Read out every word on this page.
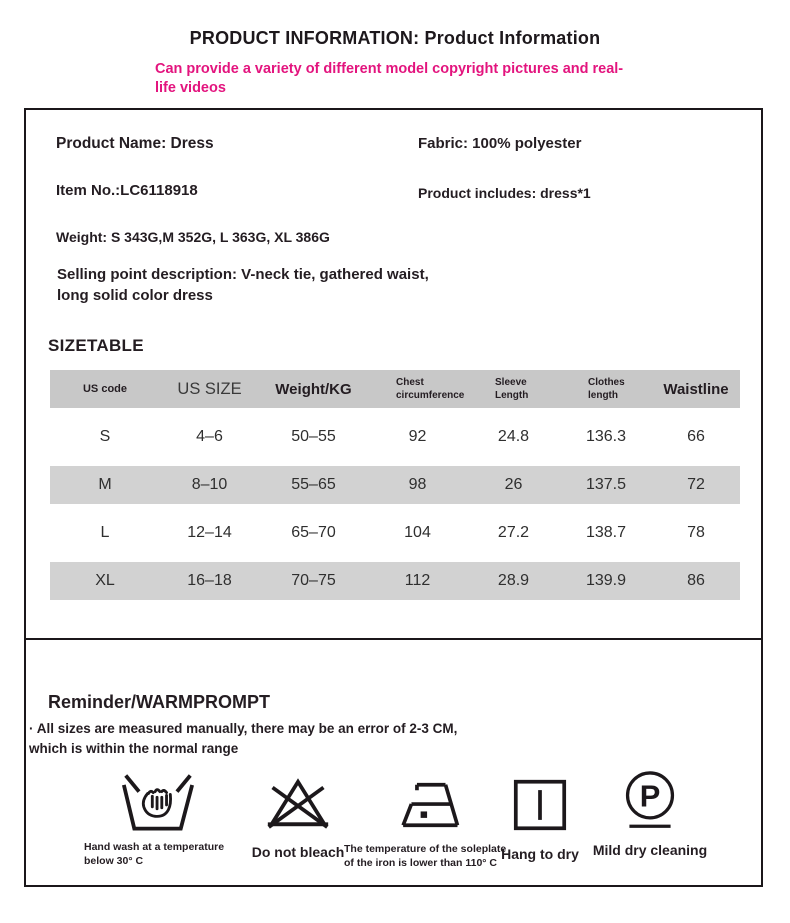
PRODUCT INFORMATION: Product Information
Can provide a variety of different model copyright pictures and real-life videos
Product Name: Dress	Fabric: 100% polyester
Item No.:LC6118918	Product includes: dress*1
Weight: S 343G,M 352G, L 363G, XL 386G
Selling point description: V-neck tie, gathered waist,
long solid color dress
SIZETABLE
US code	US SIZE	Weight/KG	Chest circumference	Sleeve Length	Clothes length	Waistline
S	4–6	50–55	92	24.8	136.3	66
M	8–10	55–65	98	26	137.5	72
L	12–14	65–70	104	27.2	138.7	78
XL	16–18	70–75	112	28.9	139.9	86
Reminder/WARMPROMPT
· All sizes are measured manually, there may be an error of 2-3 CM, which is within the normal range
Hand wash at a temperature below 30° C
Do not bleach The temperature of the soleplate of the iron is lower than 110° C
Hang to dry
P
Mild dry cleaning
